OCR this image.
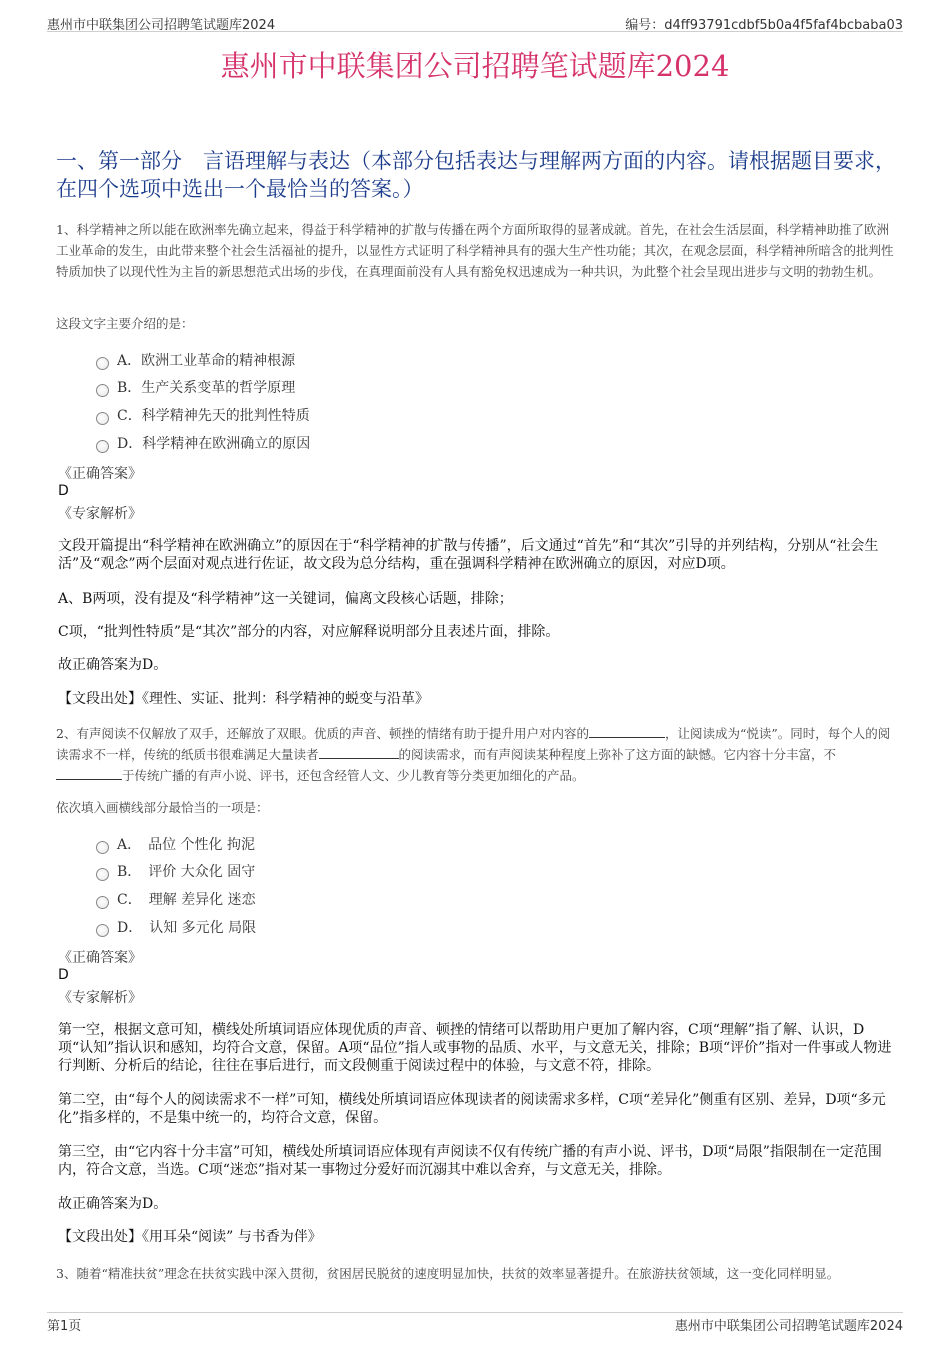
惠州市中联集团公司招聘笔试题库2024	编号：d4ff93791cdbf5b0a4f5faf4bcbaba03
惠州市中联集团公司招聘笔试题库2024
一、第一部分　言语理解与表达（本部分包括表达与理解两方面的内容。请根据题目要求，在四个选项中选出一个最恰当的答案。）
1、科学精神之所以能在欧洲率先确立起来，得益于科学精神的扩散与传播在两个方面所取得的显著成就。首先，在社会生活层面，科学精神助推了欧洲工业革命的发生，由此带来整个社会生活福祉的提升，以显性方式证明了科学精神具有的强大生产性功能；其次，在观念层面，科学精神所暗含的批判性特质加快了以现代性为主旨的新思想范式出场的步伐，在真理面前没有人具有豁免权迅速成为一种共识，为此整个社会呈现出进步与文明的勃勃生机。
这段文字主要介绍的是：
A．欧洲工业革命的精神根源
B．生产关系变革的哲学原理
C．科学精神先天的批判性特质
D．科学精神在欧洲确立的原因
《正确答案》
D
《专家解析》
文段开篇提出“科学精神在欧洲确立”的原因在于“科学精神的扩散与传播”，后文通过“首先”和“其次”引导的并列结构，分别从“社会生活”及“观念”两个层面对观点进行佐证，故文段为总分结构，重在强调科学精神在欧洲确立的原因，对应D项。
A、B两项，没有提及“科学精神”这一关键词，偏离文段核心话题，排除；
C项，“批判性特质”是“其次”部分的内容，对应解释说明部分且表述片面，排除。
故正确答案为D。
【文段出处】《理性、实证、批判：科学精神的蜕变与沿革》
2、有声阅读不仅解放了双手，还解放了双眼。优质的声音、顿挫的情绪有助于提升用户对内容的	，让阅读成为“悦读”。同时，每个人的阅读需求不一样，传统的纸质书很难满足大量读者	的阅读需求，而有声阅读某种程度上弥补了这方面的缺憾。它内容十分丰富，不于传统广播的有声小说、评书，还包含经管人文、少儿教育等分类更加细化的产品。
依次填入画横线部分最恰当的一项是：
A．　品位 个性化 拘泥
B．　评价 大众化 固守
C．　理解 差异化 迷恋
D．　认知 多元化 局限
《正确答案》
D
《专家解析》
第一空，根据文意可知，横线处所填词语应体现优质的声音、顿挫的情绪可以帮助用户更加了解内容，C项“理解”指了解、认识，D项“认知”指认识和感知，均符合文意，保留。A项“品位”指人或事物的品质、水平，与文意无关，排除；B项“评价”指对一件事或人物进行判断、分析后的结论，往往在事后进行，而文段侧重于阅读过程中的体验，与文意不符，排除。
第二空，由“每个人的阅读需求不一样”可知，横线处所填词语应体现读者的阅读需求多样，C项“差异化”侧重有区别、差异，D项“多元化”指多样的，不是集中统一的，均符合文意，保留。
第三空，由“它内容十分丰富”可知，横线处所填词语应体现有声阅读不仅有传统广播的有声小说、评书，D项“局限”指限制在一定范围内，符合文意，当选。C项“迷恋”指对某一事物过分爱好而沉溺其中难以舍弃，与文意无关，排除。
故正确答案为D。
【文段出处】《用耳朵“阅读” 与书香为伴》
3、随着“精准扶贫”理念在扶贫实践中深入贯彻，贫困居民脱贫的速度明显加快，扶贫的效率显著提升。在旅游扶贫领域，这一变化同样明显。
第1页	惠州市中联集团公司招聘笔试题库2024
